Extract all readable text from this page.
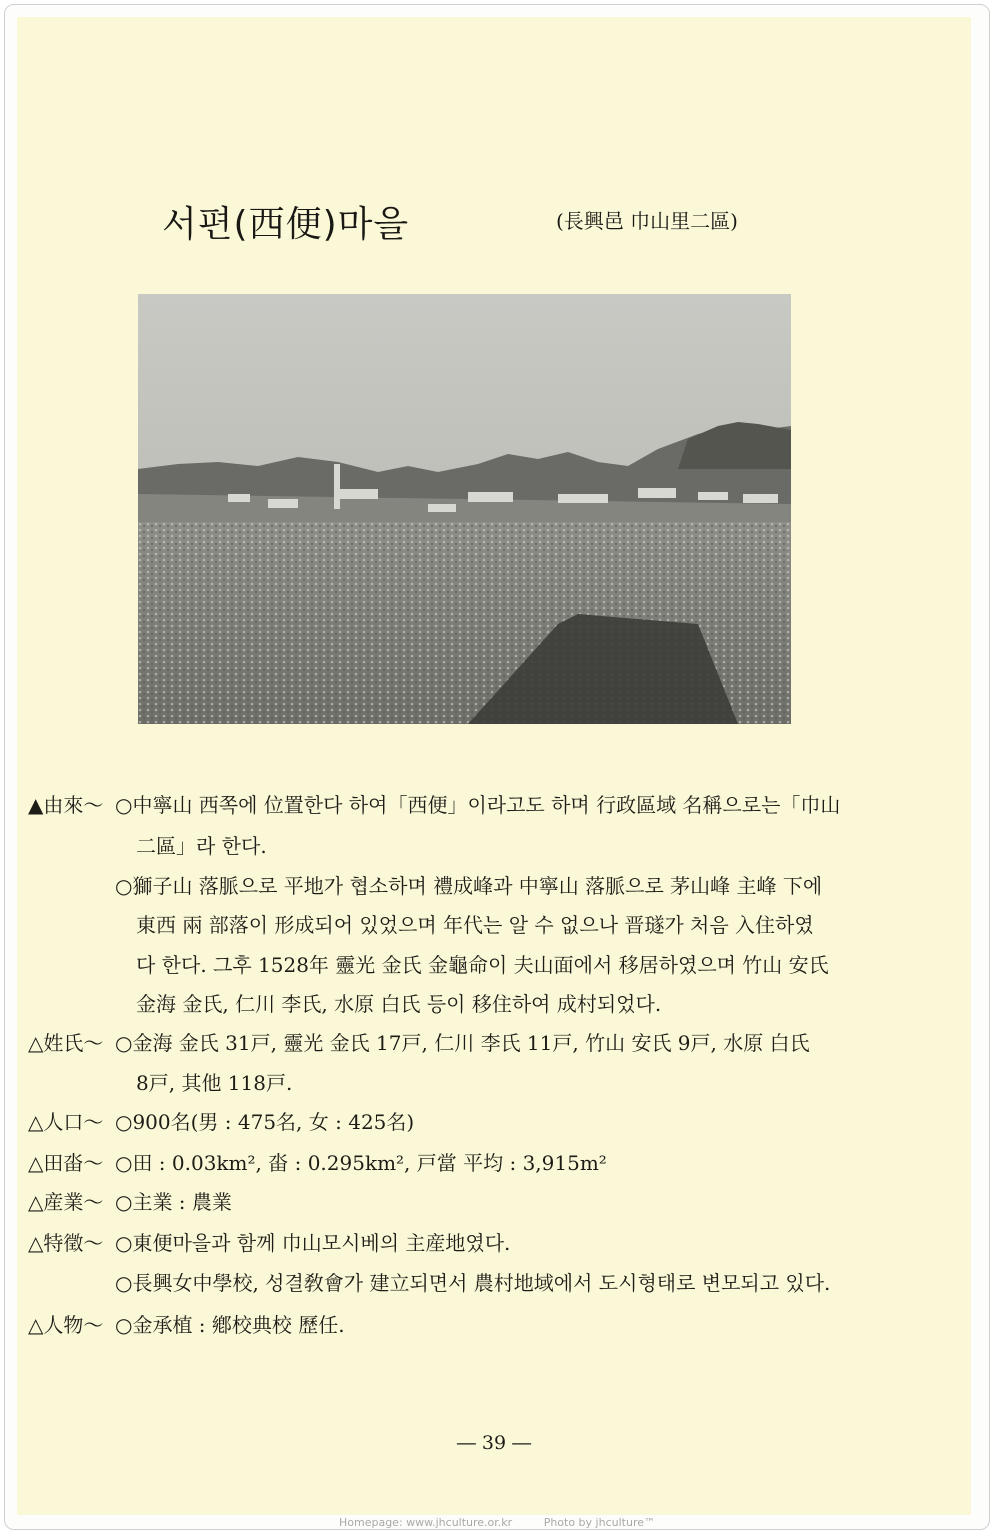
서편(西便)마을	(長興邑 巾山里二區)
▲由來～ ○中寧山 西쪽에 位置한다 하여「西便」이라고도 하며 行政區域 名稱으로는「巾山
二區」라 한다.
○獅子山 落脈으로 平地가 협소하며 禮成峰과 中寧山 落脈으로 茅山峰 主峰 下에
東西 兩 部落이 形成되어 있었으며 年代는 알 수 없으나 晋璲가 처음 入住하였
다 한다. 그후 1528年 靈光 金氏 金龜命이 夫山面에서 移居하였으며 竹山 安氏
金海 金氏, 仁川 李氏, 水原 白氏 등이 移住하여 成村되었다.
△姓氏～ ○金海 金氏 31戸, 靈光 金氏 17戸, 仁川 李氏 11戸, 竹山 安氏 9戸, 水原 白氏
8戸, 其他 118戸.
△人口～ ○900名(男 : 475名, 女 : 425名)
△田畓～ ○田 : 0.03km², 畓 : 0.295km², 戸當 平均 : 3,915m²
△産業～ ○主業 : 農業
△特徵～ ○東便마을과 함께 巾山모시베의 主産地였다.
○長興女中學校, 성결敎會가 建立되면서 農村地域에서 도시형태로 변모되고 있다.
△人物～ ○金承植 : 鄕校典校 歷任.
― 39 ―
Homepage: www.jhculture.or.kr	Photo by jhculture™
